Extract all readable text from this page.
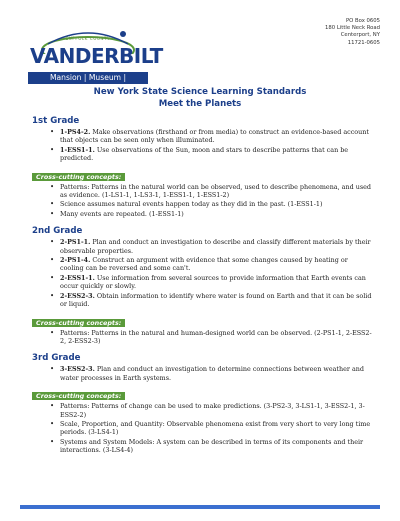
SUFFOLK COUNTY
VANDERBILT
Mansion | Museum | Planetarium
PO Box 0605
180 Little Neck Road
Centerport, NY
11721-0605
New York State Science Learning Standards
Meet the Planets
1st Grade
• 1-PS4-2. Make observations (firsthand or from media) to construct an evidence-based account that objects can be seen only when illuminated.
• 1-ESS1-1. Use observations of the Sun, moon and stars to describe patterns that can be predicted.
Cross-cutting concepts:
• Patterns: Patterns in the natural world can be observed, used to describe phenomena, and used as evidence. (1-LS1-1, 1-LS3-1, 1-ESS1-1, 1-ESS1-2)
• Science assumes natural events happen today as they did in the past. (1-ESS1-1)
• Many events are repeated. (1-ESS1-1)
2nd Grade
• 2-PS1-1. Plan and conduct an investigation to describe and classify different materials by their observable properties.
• 2-PS1-4. Construct an argument with evidence that some changes caused by heating or cooling can be reversed and some can't.
• 2-ESS1-1. Use information from several sources to provide information that Earth events can occur quickly or slowly.
• 2-ESS2-3. Obtain information to identify where water is found on Earth and that it can be solid or liquid.
Cross-cutting concepts:
• Patterns: Patterns in the natural and human-designed world can be observed. (2-PS1-1, 2-ESS2-2, 2-ESS2-3)
3rd Grade
• 3-ESS2-3. Plan and conduct an investigation to determine connections between weather and water processes in Earth systems.
Cross-cutting concepts:
• Patterns: Patterns of change can be used to make predictions. (3-PS2-3, 3-LS1-1, 3-ESS2-1, 3-ESS2-2)
• Scale, Proportion, and Quantity: Observable phenomena exist from very short to very long time periods. (3-LS4-1)
• Systems and System Models: A system can be described in terms of its components and their interactions. (3-LS4-4)
